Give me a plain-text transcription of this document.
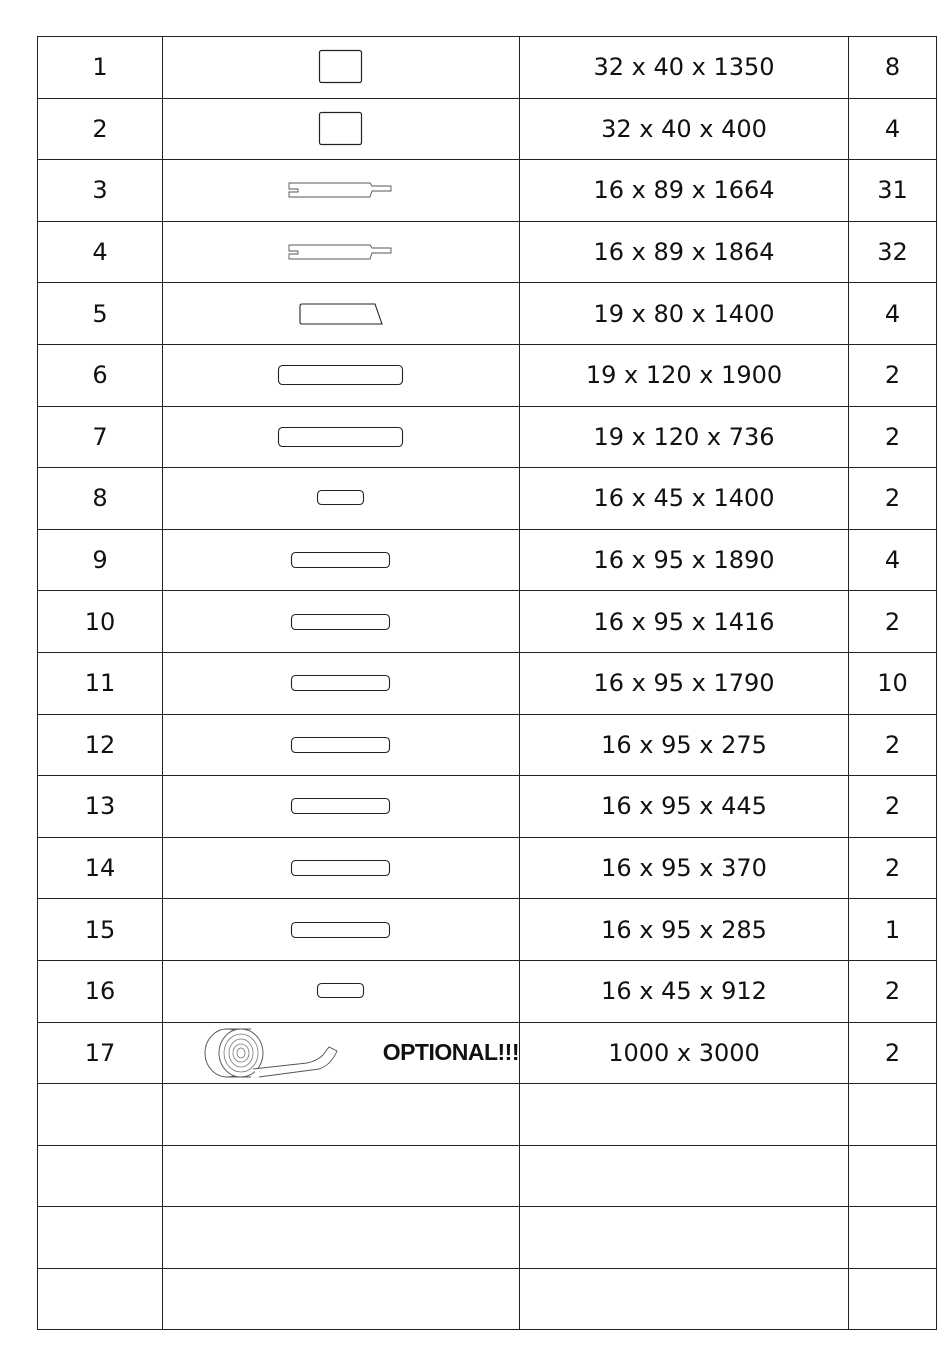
1		32 x 40 x 1350	8
2		32 x 40 x 400	4
3		16 x 89 x 1664	31
4		16 x 89 x 1864	32
5		19 x 80 x 1400	4
6		19 x 120 x 1900	2
7		19 x 120 x 736	2
8		16 x 45 x 1400	2
9		16 x 95 x 1890	4
10		16 x 95 x 1416	2
11		16 x 95 x 1790	10
12		16 x 95 x 275	2
13		16 x 95 x 445	2
14		16 x 95 x 370	2
15		16 x 95 x 285	1
16		16 x 45 x 912	2
17	OPTIONAL!!!	1000 x 3000	2
